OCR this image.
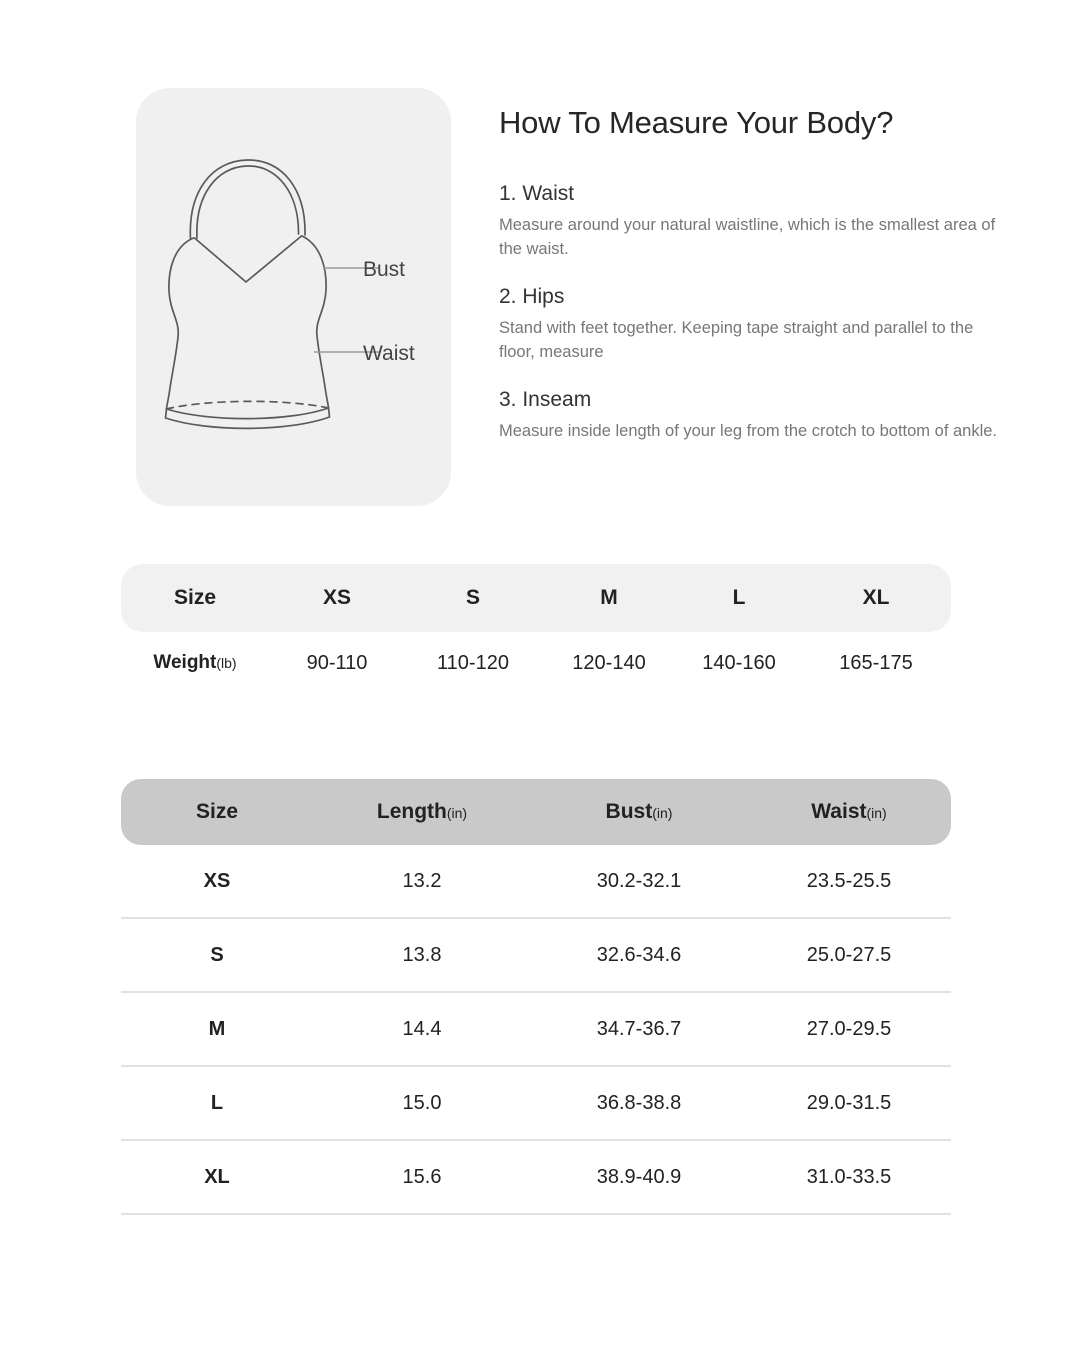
Bust
Waist
How To Measure Your Body?
1. Waist

Measure around your natural waistline, which is the smallest area of the waist.

2. Hips

Stand with feet together. Keeping tape straight and parallel to the floor, measure

3. Inseam

Measure inside length of your leg from the crotch to bottom of ankle.

Size	XS	S	M	L	XL
Weight(lb)	90-110	110-120	120-140	140-160	165-175
Size	Length(in)	Bust(in)	Waist(in)
XS	13.2	30.2-32.1	23.5-25.5
S	13.8	32.6-34.6	25.0-27.5
M	14.4	34.7-36.7	27.0-29.5
L	15.0	36.8-38.8	29.0-31.5
XL	15.6	38.9-40.9	31.0-33.5
